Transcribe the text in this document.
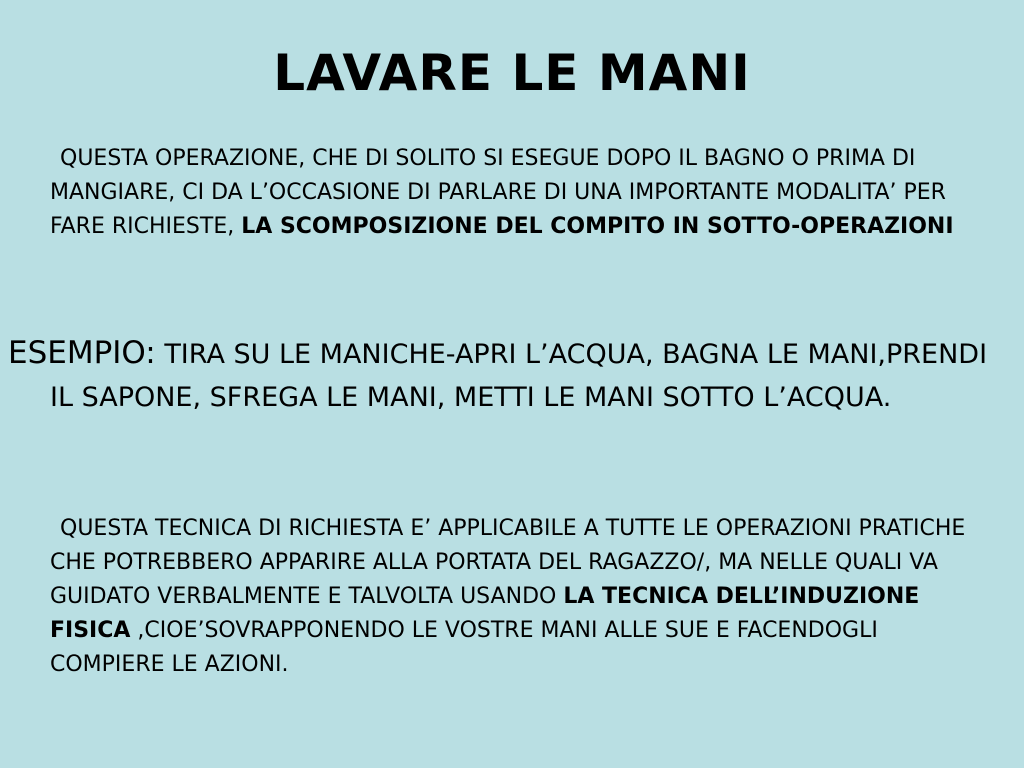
LAVARE LE MANI

QUESTA OPERAZIONE, CHE DI SOLITO SI ESEGUE DOPO IL BAGNO O PRIMA DI MANGIARE, CI DA L’OCCASIONE DI PARLARE DI UNA IMPORTANTE MODALITA’ PER FARE RICHIESTE, LA SCOMPOSIZIONE DEL COMPITO IN SOTTO-OPERAZIONI

ESEMPIO: TIRA SU LE MANICHE-APRI L’ACQUA, BAGNA LE MANI,PRENDI IL SAPONE, SFREGA LE MANI, METTI LE MANI SOTTO L’ACQUA.

QUESTA TECNICA DI RICHIESTA E’ APPLICABILE A TUTTE LE OPERAZIONI PRATICHE CHE POTREBBERO APPARIRE ALLA PORTATA DEL RAGAZZO/, MA NELLE QUALI VA GUIDATO VERBALMENTE E TALVOLTA USANDO LA TECNICA DELL’INDUZIONE FISICA ,CIOE’SOVRAPPONENDO LE VOSTRE MANI ALLE SUE E FACENDOGLI COMPIERE LE AZIONI.
